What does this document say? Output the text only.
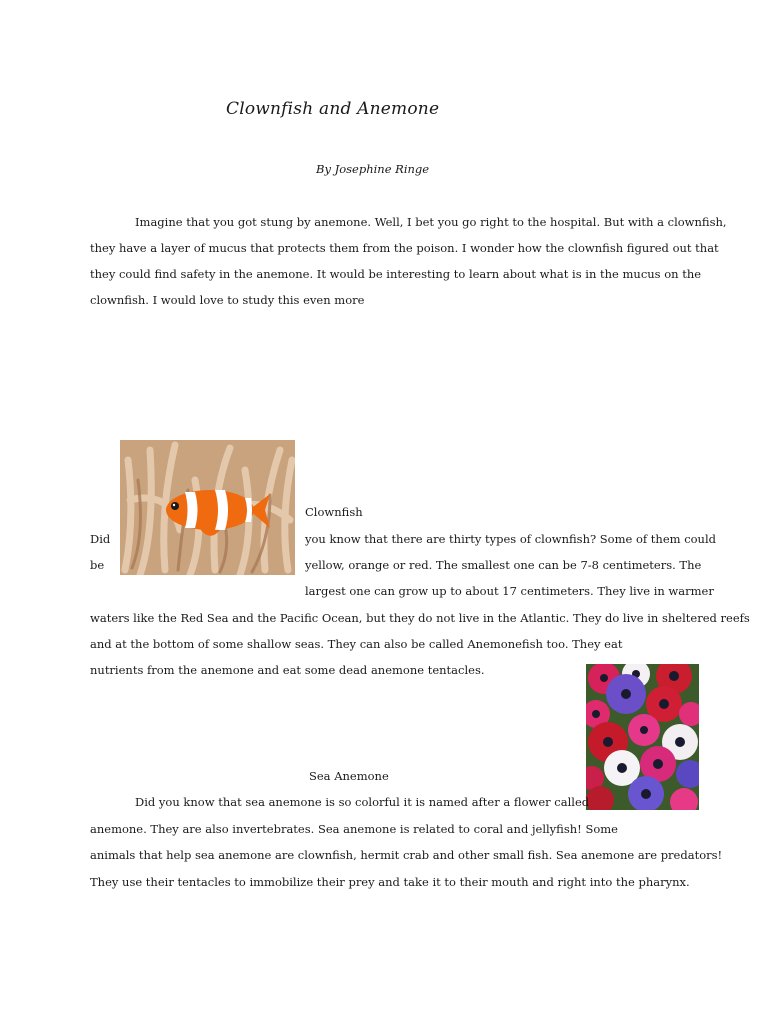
Clownfish and Anemone
By Josephine Ringe
Imagine that you got stung by anemone. Well, I bet you go right to the hospital. But with a clownfish,
they have a layer of mucus that protects them from the poison. I wonder how the clownfish figured out that
they could find safety in the anemone. It would be interesting to learn about what is in the mucus on the
clownfish. I would love to study this even more
Clownfish
Did	you know that there are thirty types of clownfish? Some of them could
be	yellow, orange or red. The smallest one can be 7-8 centimeters. The
largest one can grow up to about 17 centimeters. They live in warmer
waters like the Red Sea and the Pacific Ocean, but they do not live in the Atlantic. They do live in sheltered reefs
and at the bottom of some shallow seas. They can also be called Anemonefish too. They eat
nutrients from the anemone and eat some dead anemone tentacles.
Sea Anemone
Did you know that sea anemone is so colorful it is named after a flower called
anemone. They are also invertebrates. Sea anemone is related to coral and jellyfish! Some
animals that help sea anemone are clownfish, hermit crab and other small fish. Sea anemone are predators!
They use their tentacles to immobilize their prey and take it to their mouth and right into the pharynx.
